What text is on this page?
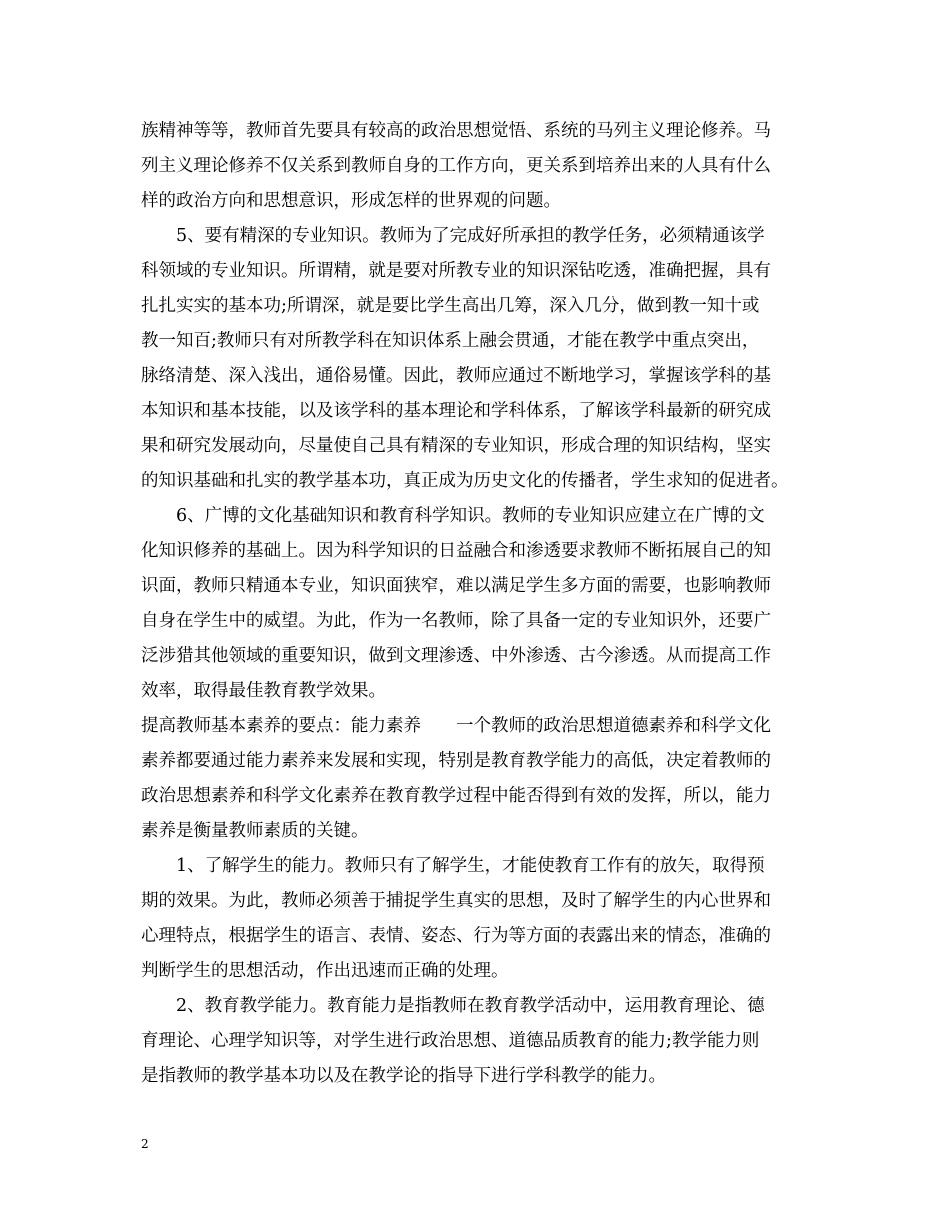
族精神等等，教师首先要具有较高的政治思想觉悟、系统的马列主义理论修养。马
列主义理论修养不仅关系到教师自身的工作方向，更关系到培养出来的人具有什么
样的政治方向和思想意识，形成怎样的世界观的问题。
　　5、要有精深的专业知识。教师为了完成好所承担的教学任务，必须精通该学
科领域的专业知识。所谓精，就是要对所教专业的知识深钻吃透，准确把握，具有
扎扎实实的基本功;所谓深，就是要比学生高出几筹，深入几分，做到教一知十或
教一知百;教师只有对所教学科在知识体系上融会贯通，才能在教学中重点突出，
脉络清楚、深入浅出，通俗易懂。因此，教师应通过不断地学习，掌握该学科的基
本知识和基本技能，以及该学科的基本理论和学科体系，了解该学科最新的研究成
果和研究发展动向，尽量使自己具有精深的专业知识，形成合理的知识结构，坚实
的知识基础和扎实的教学基本功，真正成为历史文化的传播者，学生求知的促进者。
　　6、广博的文化基础知识和教育科学知识。教师的专业知识应建立在广博的文
化知识修养的基础上。因为科学知识的日益融合和渗透要求教师不断拓展自己的知
识面，教师只精通本专业，知识面狭窄，难以满足学生多方面的需要，也影响教师
自身在学生中的威望。为此，作为一名教师，除了具备一定的专业知识外，还要广
泛涉猎其他领域的重要知识，做到文理渗透、中外渗透、古今渗透。从而提高工作
效率，取得最佳教育教学效果。
提高教师基本素养的要点：能力素养　　一个教师的政治思想道德素养和科学文化
素养都要通过能力素养来发展和实现，特别是教育教学能力的高低，决定着教师的
政治思想素养和科学文化素养在教育教学过程中能否得到有效的发挥，所以，能力
素养是衡量教师素质的关键。
　　1、了解学生的能力。教师只有了解学生，才能使教育工作有的放矢，取得预
期的效果。为此，教师必须善于捕捉学生真实的思想，及时了解学生的内心世界和
心理特点，根据学生的语言、表情、姿态、行为等方面的表露出来的情态，准确的
判断学生的思想活动，作出迅速而正确的处理。
　　2、教育教学能力。教育能力是指教师在教育教学活动中，运用教育理论、德
育理论、心理学知识等，对学生进行政治思想、道德品质教育的能力;教学能力则
是指教师的教学基本功以及在教学论的指导下进行学科教学的能力。
2
